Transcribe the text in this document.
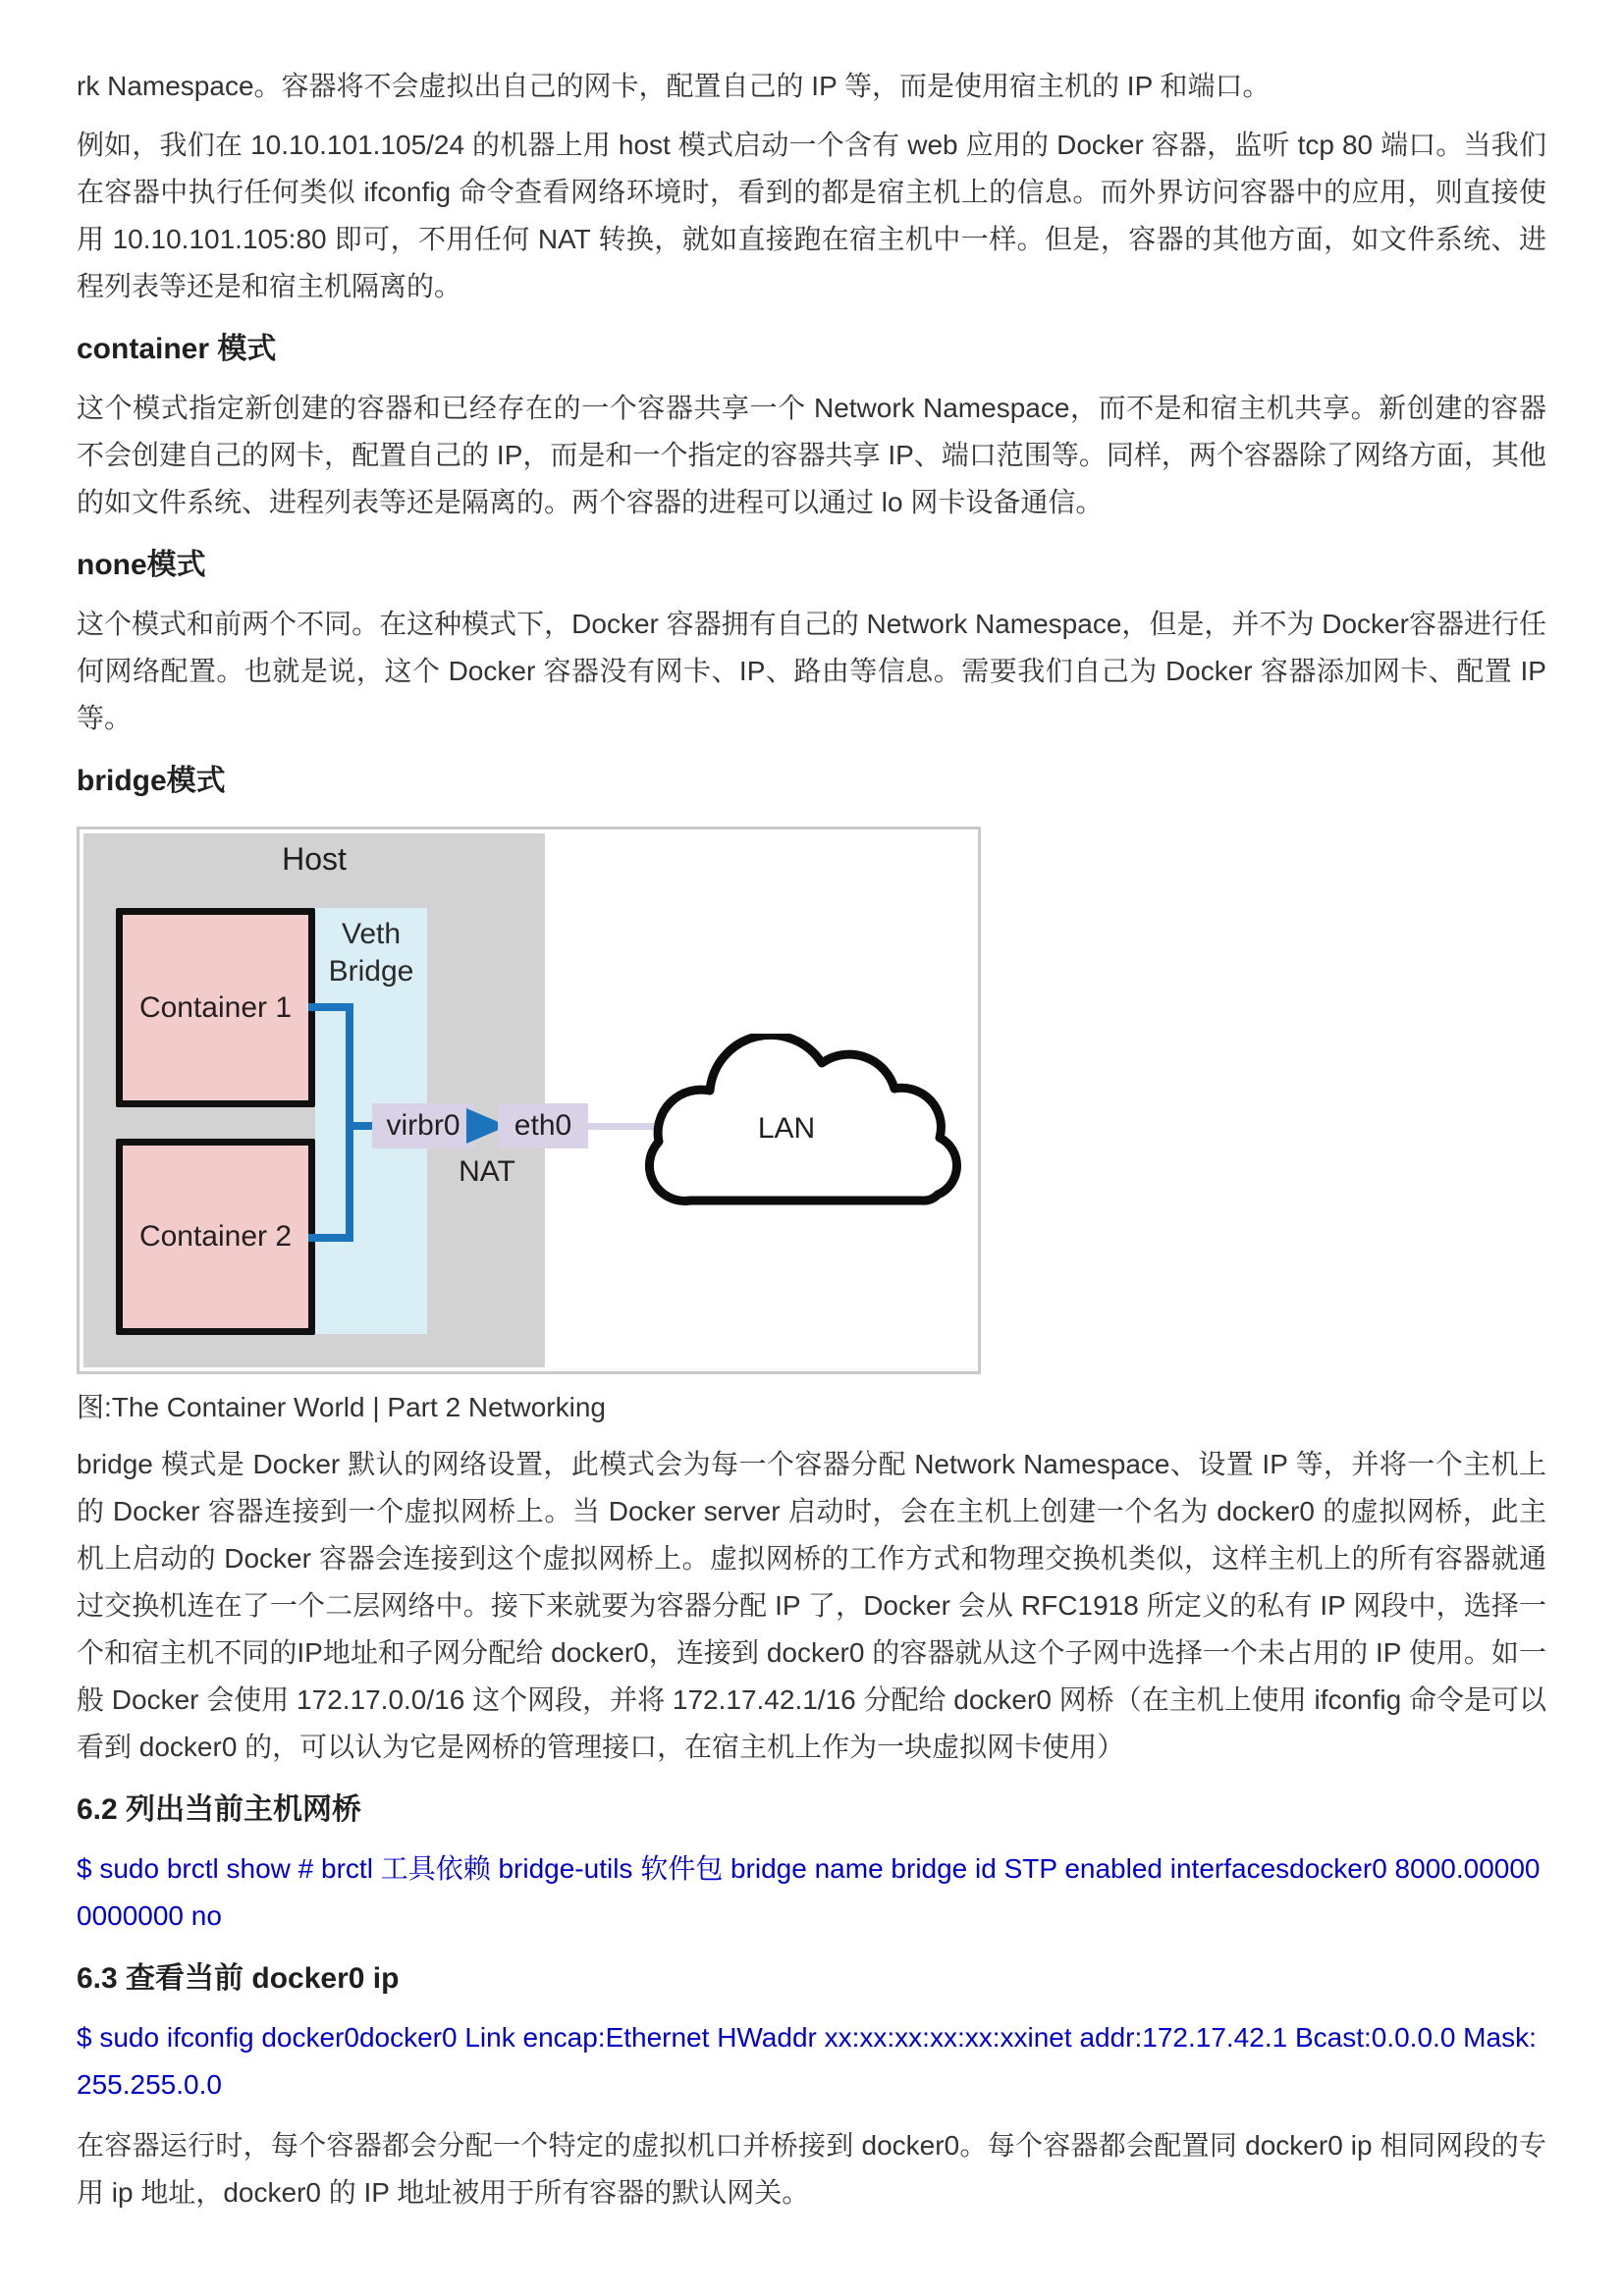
rk Namespace。容器将不会虚拟出自己的网卡，配置自己的 IP 等，而是使用宿主机的 IP 和端口。

例如，我们在 10.10.101.105/24 的机器上用 host 模式启动一个含有 web 应用的 Docker 容器，监听 tcp 80 端口。当我们在容器中执行任何类似 ifconfig 命令查看网络环境时，看到的都是宿主机上的信息。而外界访问容器中的应用，则直接使用 10.10.101.105:80 即可，不用任何 NAT 转换，就如直接跑在宿主机中一样。但是，容器的其他方面，如文件系统、进程列表等还是和宿主机隔离的。

container 模式

这个模式指定新创建的容器和已经存在的一个容器共享一个 Network Namespace，而不是和宿主机共享。新创建的容器不会创建自己的网卡，配置自己的 IP，而是和一个指定的容器共享 IP、端口范围等。同样，两个容器除了网络方面，其他的如文件系统、进程列表等还是隔离的。两个容器的进程可以通过 lo 网卡设备通信。

none模式

这个模式和前两个不同。在这种模式下，Docker 容器拥有自己的 Network Namespace，但是，并不为 Docker容器进行任何网络配置。也就是说，这个 Docker 容器没有网卡、IP、路由等信息。需要我们自己为 Docker 容器添加网卡、配置 IP 等。

bridge模式
Host
Veth
Bridge
Container 1
Container 2
virbr0 eth0
NAT
LAN

图:The Container World | Part 2 Networking

bridge 模式是 Docker 默认的网络设置，此模式会为每一个容器分配 Network Namespace、设置 IP 等，并将一个主机上的 Docker 容器连接到一个虚拟网桥上。当 Docker server 启动时，会在主机上创建一个名为 docker0 的虚拟网桥，此主机上启动的 Docker 容器会连接到这个虚拟网桥上。虚拟网桥的工作方式和物理交换机类似，这样主机上的所有容器就通过交换机连在了一个二层网络中。接下来就要为容器分配 IP 了，Docker 会从 RFC1918 所定义的私有 IP 网段中，选择一个和宿主机不同的IP地址和子网分配给 docker0，连接到 docker0 的容器就从这个子网中选择一个未占用的 IP 使用。如一般 Docker 会使用 172.17.0.0/16 这个网段，并将 172.17.42.1/16 分配给 docker0 网桥（在主机上使用 ifconfig 命令是可以看到 docker0 的，可以认为它是网桥的管理接口，在宿主机上作为一块虚拟网卡使用）

6.2 列出当前主机网桥

$ sudo brctl show # brctl 工具依赖 bridge-utils 软件包 bridge name bridge id STP enabled interfacesdocker0 8000.000000000000 no

6.3 查看当前 docker0 ip

$ sudo ifconfig docker0docker0 Link encap:Ethernet HWaddr xx:xx:xx:xx:xx:xxinet addr:172.17.42.1 Bcast:0.0.0.0 Mask:255.255.0.0

在容器运行时，每个容器都会分配一个特定的虚拟机口并桥接到 docker0。每个容器都会配置同 docker0 ip 相同网段的专用 ip 地址，docker0 的 IP 地址被用于所有容器的默认网关。
